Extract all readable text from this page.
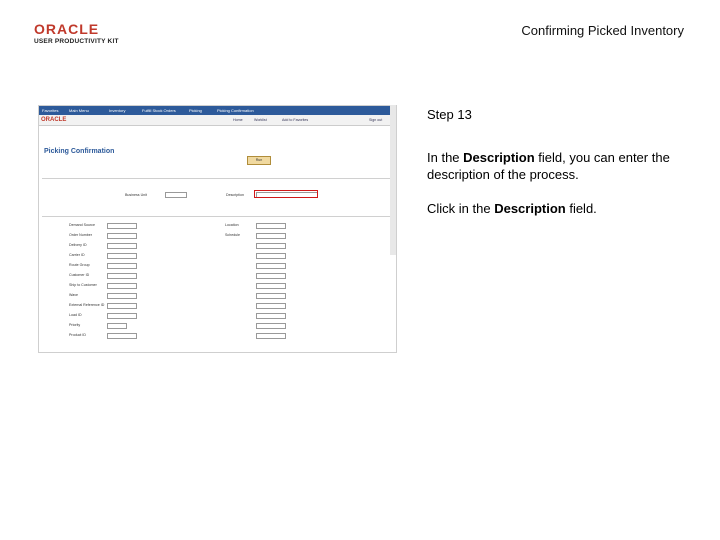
ORACLE
USER PRODUCTIVITY KIT
Confirming Picked Inventory
Favorites	Main Menu	Inventory	Fulfill Stock Orders	Picking	Picking Confirmation
ORACLE	Home	Worklist	Add to Favorites	Sign out
Picking Confirmation
Run
Description
Business Unit
Demand Source
Order Number
Delivery ID
Carrier ID
Route Group
Customer ID
Ship to Customer
Wave
External Reference ID
Load ID
Priority
Product ID
Location
Schedule
Step 13
In the Description field, you can enter the description of the process.
Click in the Description field.
